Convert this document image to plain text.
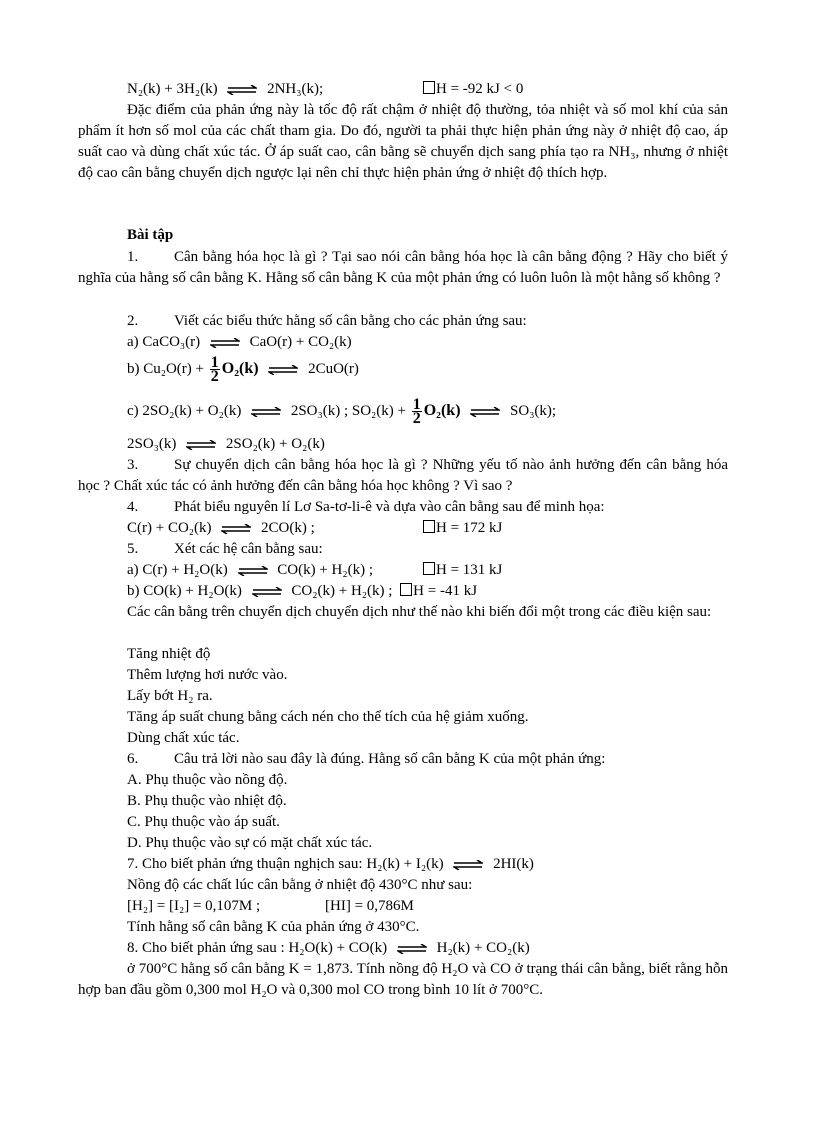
N₂(k) + 3H₂(k) ⇌ 2NH₃(k);	H = -92 kJ < 0
Đặc điểm của phản ứng này là tốc độ rất chậm ở nhiệt độ thường, tỏa nhiệt và số mol khí của sản phẩm ít hơn số mol của các chất tham gia. Do đó, người ta phải thực hiện phản ứng này ở nhiệt độ cao, áp suất cao và dùng chất xúc tác. Ở áp suất cao, cân bằng sẽ chuyển dịch sang phía tạo ra NH₃, nhưng ở nhiệt độ cao cân bằng chuyển dịch ngược lại nên chỉ thực hiện phản ứng ở nhiệt độ thích hợp.
Bài tập
1. Cân bằng hóa học là gì ? Tại sao nói cân bằng hóa học là cân bằng động ? Hãy cho biết ý nghĩa của hằng số cân bằng K. Hằng số cân bằng K của một phản ứng có luôn luôn là một hằng số không ?
2. Viết các biểu thức hằng số cân bằng cho các phản ứng sau:
a) CaCO₃(r) ⇌ CaO(r) + CO₂(k)
b) $Cu_2O(r) + \frac{1}{2} O_2(k)$ ⇌ 2CuO(r)
c) 2SO₂(k) + O₂(k) ⇌ 2SO₃(k) ; $SO_2(k) + \frac{1}{2} O_2(k)$ ⇌ SO₃(k);
2SO₃(k) ⇌ 2SO₂(k) + O₂(k)
3. Sự chuyển dịch cân bằng hóa học là gì ? Những yếu tố nào ảnh hưởng đến cân bằng hóa học ? Chất xúc tác có ảnh hưởng đến cân bằng hóa học không ? Vì sao ?
4. Phát biểu nguyên lí Lơ Sa-tơ-li-ê và dựa vào cân bằng sau để minh họa:
C(r) + CO₂(k) ⇌ 2CO(k) ;	H = 172 kJ
5. Xét các hệ cân bằng sau:
a) C(r) + H₂O(k) ⇌ CO(k) + H₂(k) ;	H = 131 kJ
b) CO(k) + H₂O(k) ⇌ CO₂(k) + H₂(k) ; H = -41 kJ
Các cân bằng trên chuyển dịch chuyển dịch như thế nào khi biến đổi một trong các điều kiện sau:
Tăng nhiệt độ
Thêm lượng hơi nước vào.
Lấy bớt H₂ ra.
Tăng áp suất chung bằng cách nén cho thể tích của hệ giảm xuống.
Dùng chất xúc tác.
6. Câu trả lời nào sau đây là đúng. Hằng số cân bằng K của một phản ứng:
A. Phụ thuộc vào nồng độ.
B. Phụ thuộc vào nhiệt độ.
C. Phụ thuộc vào áp suất.
D. Phụ thuộc vào sự có mặt chất xúc tác.
7. Cho biết phản ứng thuận nghịch sau: H₂(k) + I₂(k) ⇌ 2HI(k)
Nồng độ các chất lúc cân bằng ở nhiệt độ 430°C như sau:
[H₂] = [I₂] = 0,107M ;	[HI] = 0,786M
Tính hằng số cân bằng K của phản ứng ở 430°C.
8. Cho biết phản ứng sau : H₂O(k) + CO(k) ⇌ H₂(k) + CO₂(k)
ở 700°C hằng số cân bằng K = 1,873. Tính nồng độ H₂O và CO ở trạng thái cân bằng, biết rằng hỗn hợp ban đầu gồm 0,300 mol H₂O và 0,300 mol CO trong bình 10 lít ở 700°C.
